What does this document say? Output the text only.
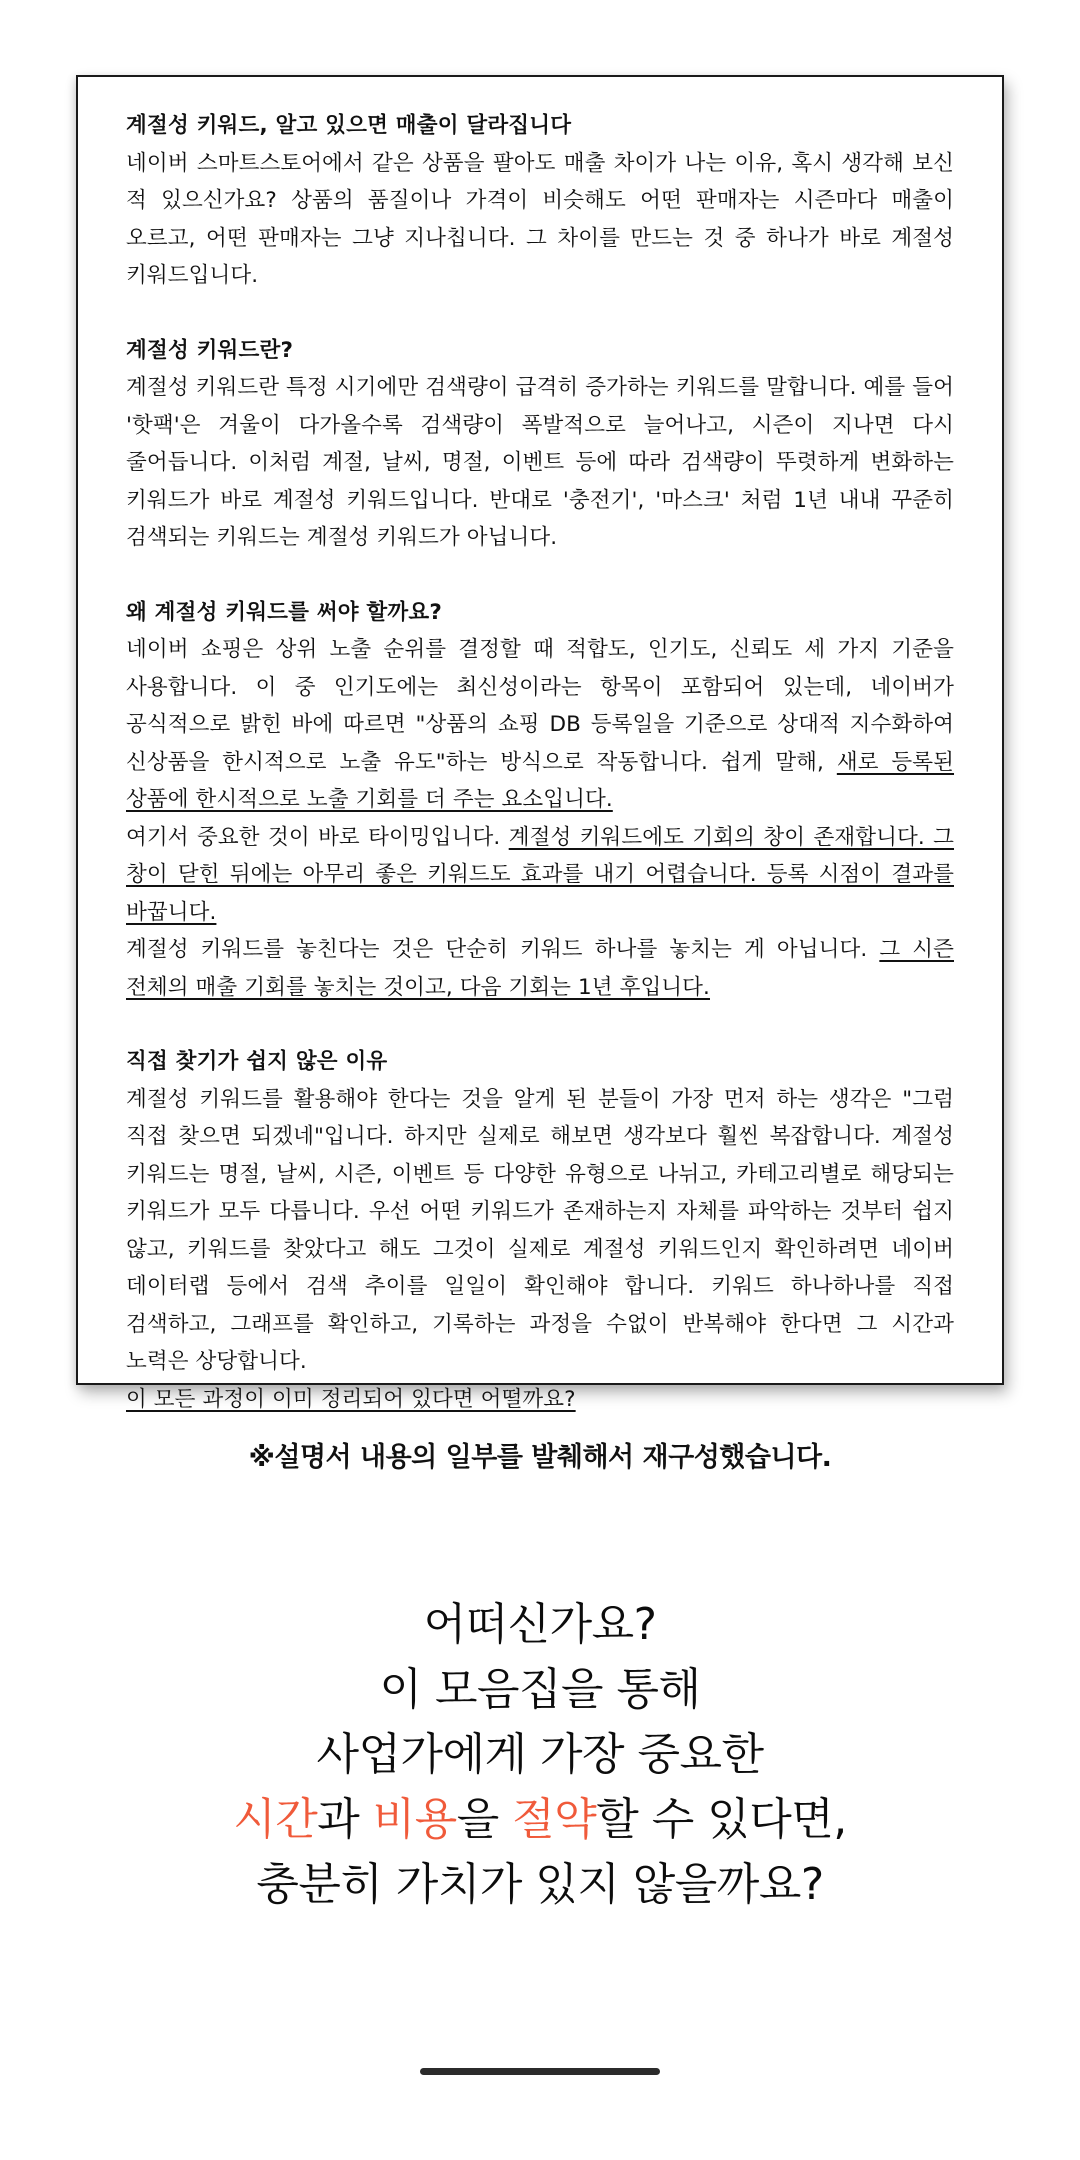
계절성 키워드, 알고 있으면 매출이 달라집니다

네이버 스마트스토어에서 같은 상품을 팔아도 매출 차이가 나는 이유, 혹시 생각해 보신 적 있으신가요? 상품의 품질이나 가격이 비슷해도 어떤 판매자는 시즌마다 매출이 오르고, 어떤 판매자는 그냥 지나칩니다. 그 차이를 만드는 것 중 하나가 바로 계절성 키워드입니다.

계절성 키워드란?

계절성 키워드란 특정 시기에만 검색량이 급격히 증가하는 키워드를 말합니다. 예를 들어 '핫팩'은 겨울이 다가올수록 검색량이 폭발적으로 늘어나고, 시즌이 지나면 다시 줄어듭니다. 이처럼 계절, 날씨, 명절, 이벤트 등에 따라 검색량이 뚜렷하게 변화하는 키워드가 바로 계절성 키워드입니다. 반대로 '충전기', '마스크' 처럼 1년 내내 꾸준히 검색되는 키워드는 계절성 키워드가 아닙니다.

왜 계절성 키워드를 써야 할까요?

네이버 쇼핑은 상위 노출 순위를 결정할 때 적합도, 인기도, 신뢰도 세 가지 기준을 사용합니다. 이 중 인기도에는 최신성이라는 항목이 포함되어 있는데, 네이버가 공식적으로 밝힌 바에 따르면 "상품의 쇼핑 DB 등록일을 기준으로 상대적 지수화하여 신상품을 한시적으로 노출 유도"하는 방식으로 작동합니다. 쉽게 말해, 새로 등록된 상품에 한시적으로 노출 기회를 더 주는 요소입니다.

여기서 중요한 것이 바로 타이밍입니다. 계절성 키워드에도 기회의 창이 존재합니다. 그 창이 닫힌 뒤에는 아무리 좋은 키워드도 효과를 내기 어렵습니다. 등록 시점이 결과를 바꿉니다.

계절성 키워드를 놓친다는 것은 단순히 키워드 하나를 놓치는 게 아닙니다. 그 시즌 전체의 매출 기회를 놓치는 것이고, 다음 기회는 1년 후입니다.

직접 찾기가 쉽지 않은 이유

계절성 키워드를 활용해야 한다는 것을 알게 된 분들이 가장 먼저 하는 생각은 "그럼 직접 찾으면 되겠네"입니다. 하지만 실제로 해보면 생각보다 훨씬 복잡합니다. 계절성 키워드는 명절, 날씨, 시즌, 이벤트 등 다양한 유형으로 나뉘고, 카테고리별로 해당되는 키워드가 모두 다릅니다. 우선 어떤 키워드가 존재하는지 자체를 파악하는 것부터 쉽지 않고, 키워드를 찾았다고 해도 그것이 실제로 계절성 키워드인지 확인하려면 네이버 데이터랩 등에서 검색 추이를 일일이 확인해야 합니다. 키워드 하나하나를 직접 검색하고, 그래프를 확인하고, 기록하는 과정을 수없이 반복해야 한다면 그 시간과 노력은 상당합니다.

이 모든 과정이 이미 정리되어 있다면 어떨까요?

※설명서 내용의 일부를 발췌해서 재구성했습니다.
어떠신가요?
이 모음집을 통해
사업가에게 가장 중요한
시간과 비용을 절약할 수 있다면,
충분히 가치가 있지 않을까요?
